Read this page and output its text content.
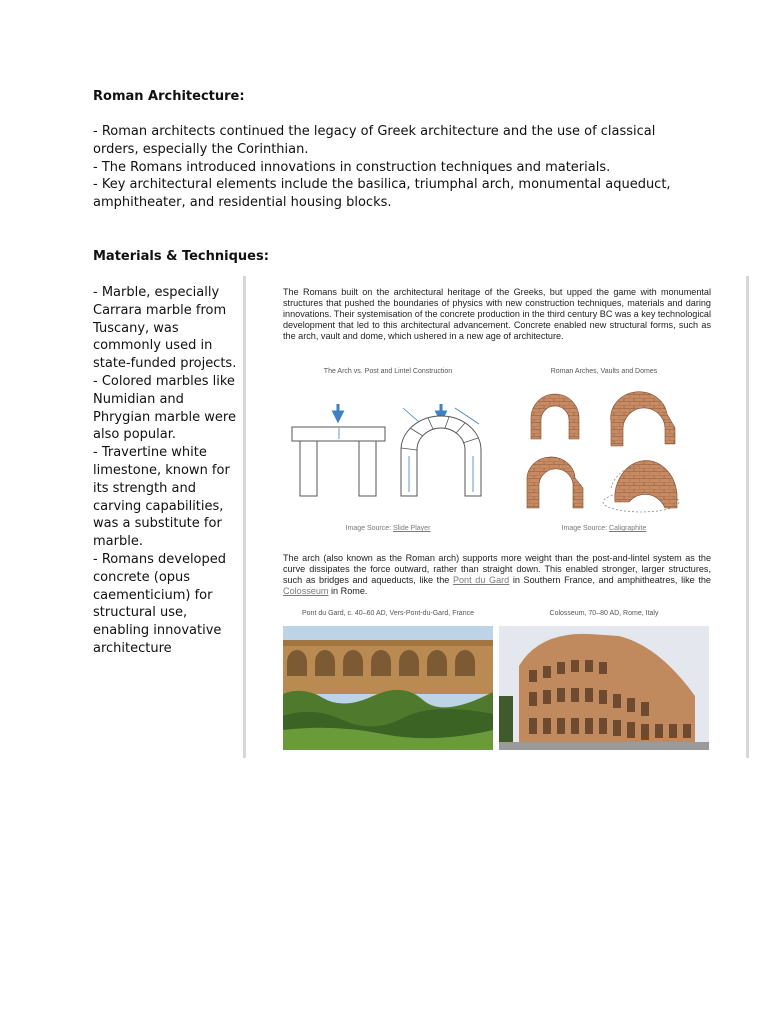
Roman Architecture:

- Roman architects continued the legacy of Greek architecture and the use of classical orders, especially the Corinthian.

- The Romans introduced innovations in construction techniques and materials.

- Key architectural elements include the basilica, triumphal arch, monumental aqueduct, amphitheater, and residential housing blocks.

Materials & Techniques:

- Marble, especially Carrara marble from Tuscany, was commonly used in state-funded projects.

- Colored marbles like Numidian and Phrygian marble were also popular.

- Travertine white limestone, known for its strength and carving capabilities, was a substitute for marble.

- Romans developed concrete (opus caementicium) for structural use, enabling innovative architecture

The Romans built on the architectural heritage of the Greeks, but upped the game with monumental structures that pushed the boundaries of physics with new construction techniques, materials and daring innovations. Their systemisation of the concrete production in the third century BC was a key technological development that led to this architectural advancement. Concrete enabled new structural forms, such as the arch, vault and dome, which ushered in a new age of architecture.
The Arch vs. Post and Lintel Construction	Roman Arches, Vaults and Domes
Image Source: Slide Player	Image Source: Caligraphite
The arch (also known as the Roman arch) supports more weight than the post-and-lintel system as the curve dissipates the force outward, rather than straight down. This enabled stronger, larger structures, such as bridges and aqueducts, like the Pont du Gard in Southern France, and amphitheatres, like the Colosseum in Rome.
Pont du Gard, c. 40–60 AD, Vers-Pont-du-Gard, France	Colosseum, 70–80 AD, Rome, Italy
